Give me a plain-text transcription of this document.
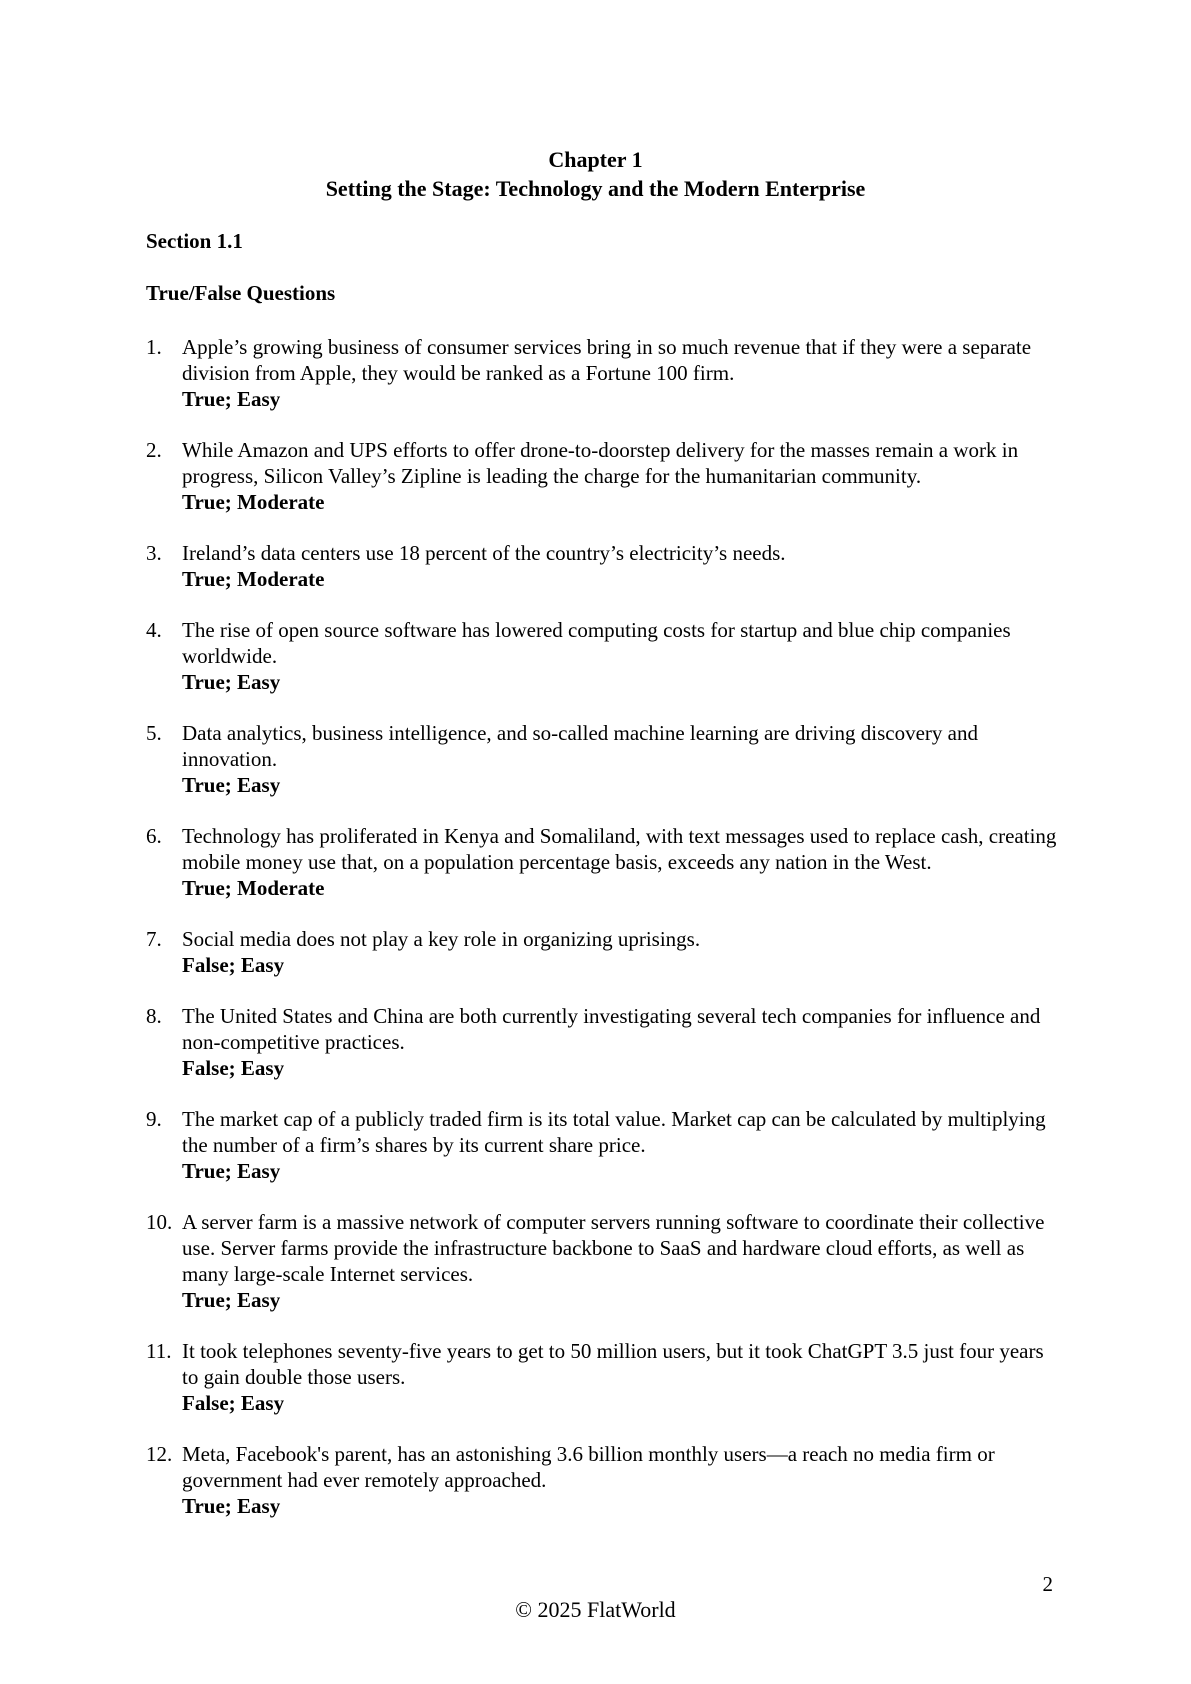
Chapter 1
Setting the Stage: Technology and the Modern Enterprise
Section 1.1
True/False Questions
1. Apple’s growing business of consumer services bring in so much revenue that if they were a separate division from Apple, they would be ranked as a Fortune 100 firm.
True; Easy
2. While Amazon and UPS efforts to offer drone-to-doorstep delivery for the masses remain a work in progress, Silicon Valley’s Zipline is leading the charge for the humanitarian community.
True; Moderate
3. Ireland’s data centers use 18 percent of the country’s electricity’s needs.
True; Moderate
4. The rise of open source software has lowered computing costs for startup and blue chip companies worldwide.
True; Easy
5. Data analytics, business intelligence, and so-called machine learning are driving discovery and innovation.
True; Easy
6. Technology has proliferated in Kenya and Somaliland, with text messages used to replace cash, creating mobile money use that, on a population percentage basis, exceeds any nation in the West.
True; Moderate
7. Social media does not play a key role in organizing uprisings.
False; Easy
8. The United States and China are both currently investigating several tech companies for influence and non-competitive practices.
False; Easy
9. The market cap of a publicly traded firm is its total value. Market cap can be calculated by multiplying the number of a firm’s shares by its current share price.
True; Easy
10. A server farm is a massive network of computer servers running software to coordinate their collective use. Server farms provide the infrastructure backbone to SaaS and hardware cloud efforts, as well as many large-scale Internet services.
True; Easy
11. It took telephones seventy-five years to get to 50 million users, but it took ChatGPT 3.5 just four years to gain double those users.
False; Easy
12. Meta, Facebook's parent, has an astonishing 3.6 billion monthly users—a reach no media firm or government had ever remotely approached.
True; Easy
2
© 2025 FlatWorld
